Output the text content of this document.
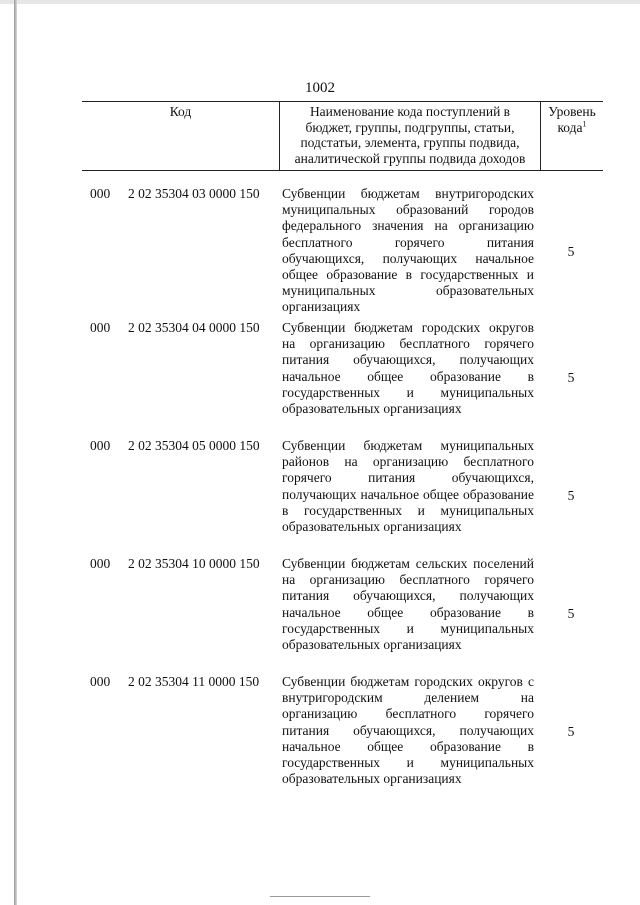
1002
Код	Наименование кода поступлений в
бюджет, группы, подгруппы, статьи,
подстатьи, элемента, группы подвида,
аналитической группы подвида доходов
Уровень
кода$^1$
000 2 02 35304 03 0000 150 Субвенции бюджетам внутригородских муниципальных образований городов федерального значения на организацию бесплатного горячего питания обучающихся, получающих начальное общее образование в государственных и муниципальных образовательных организациях
5
000 2 02 35304 04 0000 150 Субвенции бюджетам городских округов на организацию бесплатного горячего питания обучающихся, получающих начальное общее образование в государственных и муниципальных образовательных организациях
5
000 2 02 35304 05 0000 150 Субвенции бюджетам муниципальных районов на организацию бесплатного горячего питания обучающихся, получающих начальное общее образование в государственных и муниципальных образовательных организациях
5
000 2 02 35304 10 0000 150 Субвенции бюджетам сельских поселений на организацию бесплатного горячего питания обучающихся, получающих начальное общее образование в государственных и муниципальных образовательных организациях
5
000 2 02 35304 11 0000 150 Субвенции бюджетам городских округов с внутригородским делением на организацию бесплатного горячего питания обучающихся, получающих начальное общее образование в государственных и муниципальных образовательных организациях
5
